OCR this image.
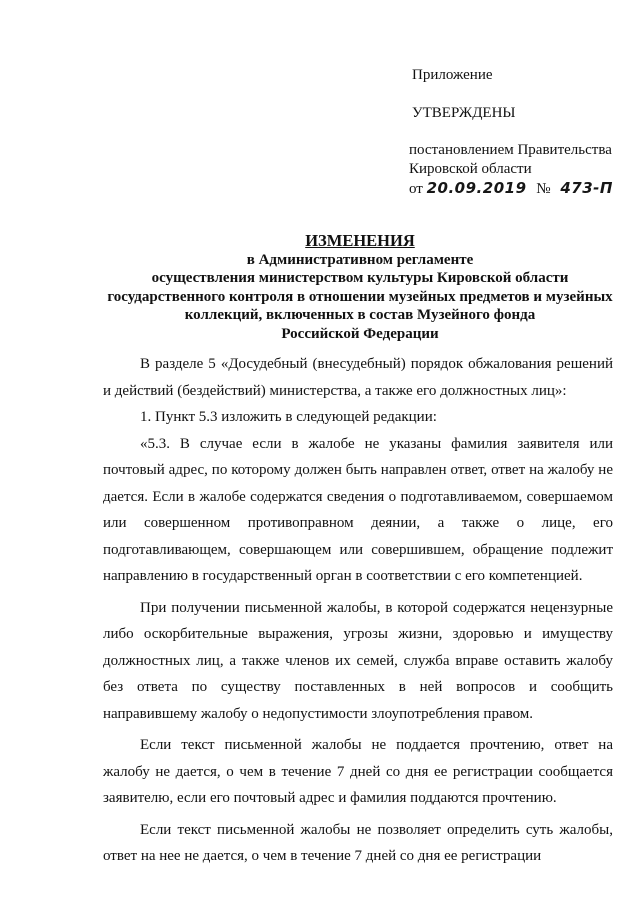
Приложение
УТВЕРЖДЕНЫ
постановлением Правительства
Кировской области
от 20.09.2019 № 473-П
ИЗМЕНЕНИЯ
в Административном регламенте
осуществления министерством культуры Кировской области
государственного контроля в отношении музейных предметов и музейных
коллекций, включенных в состав Музейного фонда
Российской Федерации

В разделе 5 «Досудебный (внесудебный) порядок обжалования решений и действий (бездействий) министерства, а также его должностных лиц»:

1. Пункт 5.3 изложить в следующей редакции:

«5.3. В случае если в жалобе не указаны фамилия заявителя или почтовый адрес, по которому должен быть направлен ответ, ответ на жалобу не дается. Если в жалобе содержатся сведения о подготавливаемом, совершаемом или совершенном противоправном деянии, а также о лице, его подготавливающем, совершающем или совершившем, обращение подлежит направлению в государственный орган в соответствии с его компетенцией.

При получении письменной жалобы, в которой содержатся нецензурные либо оскорбительные выражения, угрозы жизни, здоровью и имуществу должностных лиц, а также членов их семей, служба вправе оставить жалобу без ответа по существу поставленных в ней вопросов и сообщить направившему жалобу о недопустимости злоупотребления правом.

Если текст письменной жалобы не поддается прочтению, ответ на жалобу не дается, о чем в течение 7 дней со дня ее регистрации сообщается заявителю, если его почтовый адрес и фамилия поддаются прочтению.

Если текст письменной жалобы не позволяет определить суть жалобы, ответ на нее не дается, о чем в течение 7 дней со дня ее регистрации
